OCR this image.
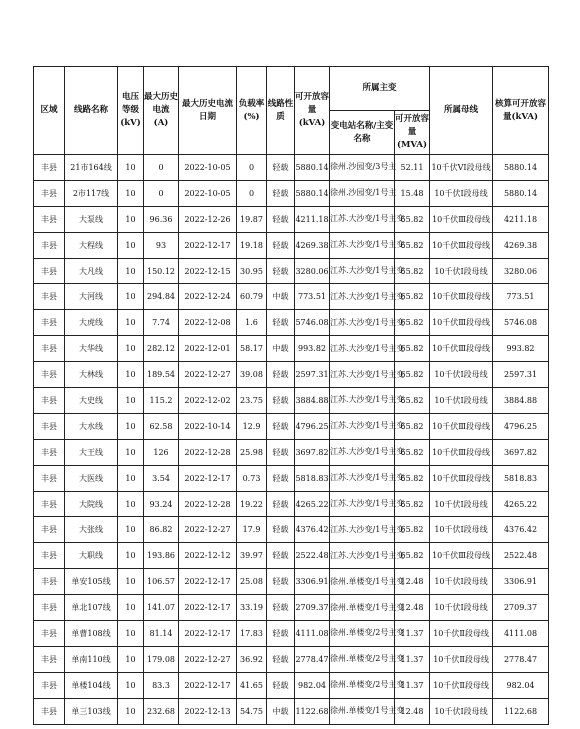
区域	线路名称	电压等级(kV)	最大历史电流 (A)	最大历史电流日期	负载率(%)	线路性质	可开放容量(kVA)	所属主变		所属母线	核算可开放容量(kVA)
								变电站名称/主变名称	可开放容量(MVA)		
丰县	21市164线	10	0	2022-10-05	0	轻载	5880.14	徐州.沙园变/3号主	52.11	10千伏VI段母线	5880.14
丰县	2市117线	10	0	2022-10-05	0	轻载	5880.14	徐州.沙园变/1号主	15.48	10千伏Ⅰ段母线	5880.14
丰县	大泵线	10	96.36	2022-12-26	19.87	轻载	4211.18	江苏.大沙变/1号主变	65.82	10千伏Ⅲ段母线	4211.18
丰县	大程线	10	93	2022-12-17	19.18	轻载	4269.38	江苏.大沙变/1号主变	65.82	10千伏Ⅲ段母线	4269.38
丰县	大凡线	10	150.12	2022-12-15	30.95	轻载	3280.06	江苏.大沙变/1号主变	65.82	10千伏Ⅰ段母线	3280.06
丰县	大河线	10	294.84	2022-12-24	60.79	中载	773.51	江苏.大沙变/1号主变	65.82	10千伏Ⅲ段母线	773.51
丰县	大虎线	10	7.74	2022-12-08	1.6	轻载	5746.08	江苏.大沙变/1号主变	65.82	10千伏Ⅲ段母线	5746.08
丰县	大华线	10	282.12	2022-12-01	58.17	中载	993.82	江苏.大沙变/1号主变	65.82	10千伏Ⅲ段母线	993.82
丰县	大林线	10	189.54	2022-12-27	39.08	轻载	2597.31	江苏.大沙变/1号主变	65.82	10千伏Ⅰ段母线	2597.31
丰县	大史线	10	115.2	2022-12-02	23.75	轻载	3884.88	江苏.大沙变/1号主变	65.82	10千伏Ⅰ段母线	3884.88
丰县	大水线	10	62.58	2022-10-14	12.9	轻载	4796.25	江苏.大沙变/1号主变	65.82	10千伏Ⅲ段母线	4796.25
丰县	大王线	10	126	2022-12-28	25.98	轻载	3697.82	江苏.大沙变/1号主变	65.82	10千伏Ⅲ段母线	3697.82
丰县	大医线	10	3.54	2022-12-17	0.73	轻载	5818.83	江苏.大沙变/1号主变	65.82	10千伏Ⅲ段母线	5818.83
丰县	大院线	10	93.24	2022-12-28	19.22	轻载	4265.22	江苏.大沙变/1号主变	65.82	10千伏Ⅰ段母线	4265.22
丰县	大张线	10	86.82	2022-12-27	17.9	轻载	4376.42	江苏.大沙变/1号主变	65.82	10千伏Ⅰ段母线	4376.42
丰县	大职线	10	193.86	2022-12-12	39.97	轻载	2522.48	江苏.大沙变/1号主变	65.82	10千伏Ⅲ段母线	2522.48
丰县	单安105线	10	106.57	2022-12-17	25.08	轻载	3306.91	徐州.单楼变/1号主变	12.48	10千伏Ⅰ段母线	3306.91
丰县	单北107线	10	141.07	2022-12-17	33.19	轻载	2709.37	徐州.单楼变/1号主变	12.48	10千伏Ⅰ段母线	2709.37
丰县	单曹108线	10	81.14	2022-12-17	17.83	轻载	4111.08	徐州.单楼变/2号主变	11.37	10千伏Ⅱ段母线	4111.08
丰县	单南110线	10	179.08	2022-12-27	36.92	轻载	2778.47	徐州.单楼变/2号主变	11.37	10千伏Ⅱ段母线	2778.47
丰县	单楼104线	10	83.3	2022-12-17	41.65	轻载	982.04	徐州.单楼变/2号主变	11.37	10千伏Ⅱ段母线	982.04
丰县	单三103线	10	232.68	2022-12-13	54.75	中载	1122.68	徐州.单楼变/1号主变	12.48	10千伏Ⅰ段母线	1122.68
